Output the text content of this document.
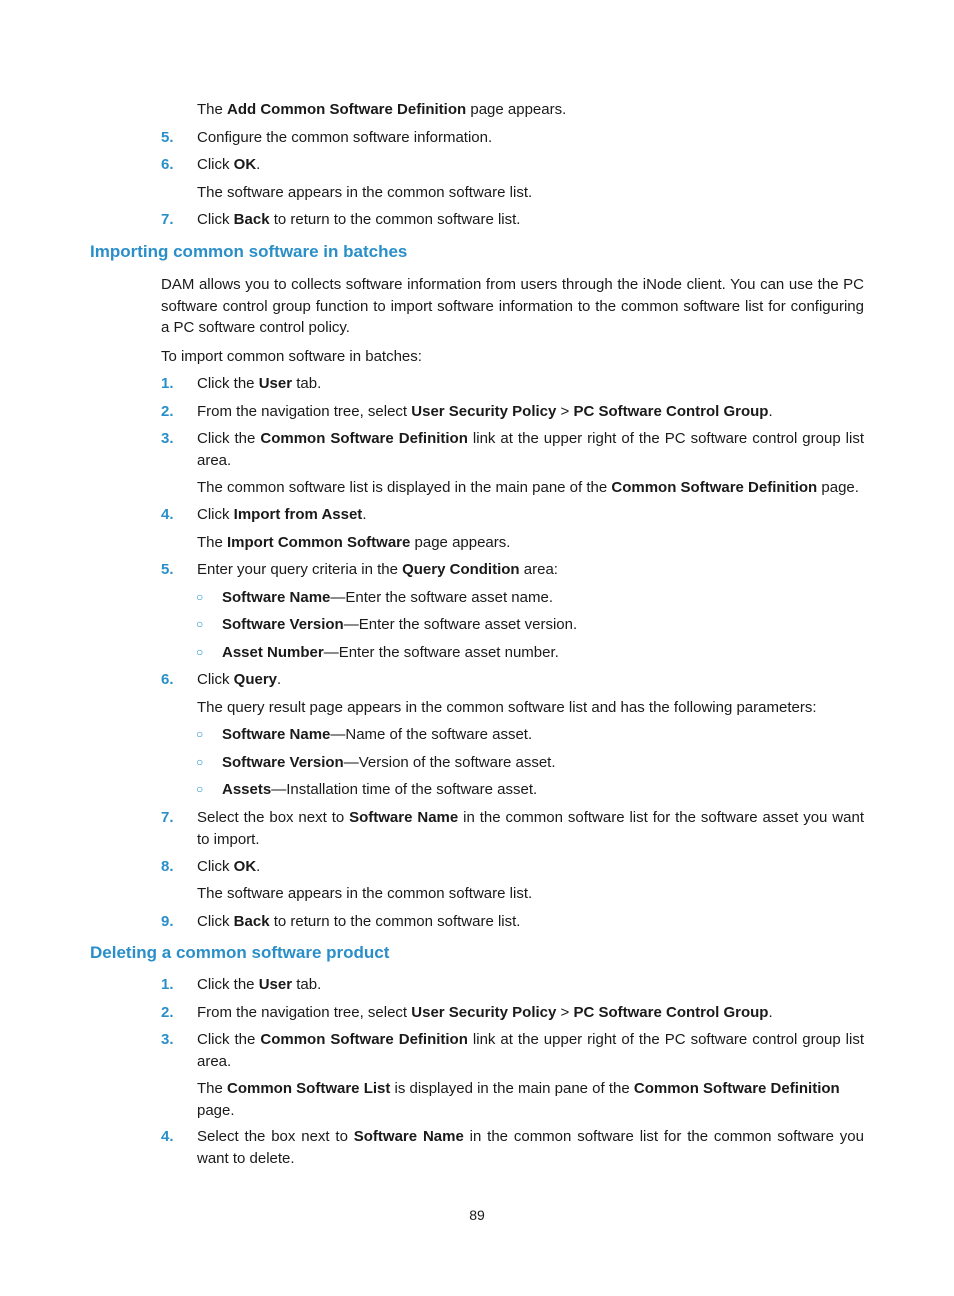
The Add Common Software Definition page appears.
5. Configure the common software information.
6. Click OK.
The software appears in the common software list.
7. Click Back to return to the common software list.
Importing common software in batches
DAM allows you to collects software information from users through the iNode client. You can use the PC software control group function to import software information to the common software list for configuring a PC software control policy.
To import common software in batches:
1. Click the User tab.
2. From the navigation tree, select User Security Policy > PC Software Control Group.
3. Click the Common Software Definition link at the upper right of the PC software control group list area.
The common software list is displayed in the main pane of the Common Software Definition page.
4. Click Import from Asset.
The Import Common Software page appears.
5. Enter your query criteria in the Query Condition area:
○ Software Name—Enter the software asset name.
○ Software Version—Enter the software asset version.
○ Asset Number—Enter the software asset number.
6. Click Query.
The query result page appears in the common software list and has the following parameters:
○ Software Name—Name of the software asset.
○ Software Version—Version of the software asset.
○ Assets—Installation time of the software asset.
7. Select the box next to Software Name in the common software list for the software asset you want to import.
8. Click OK.
The software appears in the common software list.
9. Click Back to return to the common software list.
Deleting a common software product
1. Click the User tab.
2. From the navigation tree, select User Security Policy > PC Software Control Group.
3. Click the Common Software Definition link at the upper right of the PC software control group list area.
The Common Software List is displayed in the main pane of the Common Software Definition page.
4. Select the box next to Software Name in the common software list for the common software you want to delete.
89
